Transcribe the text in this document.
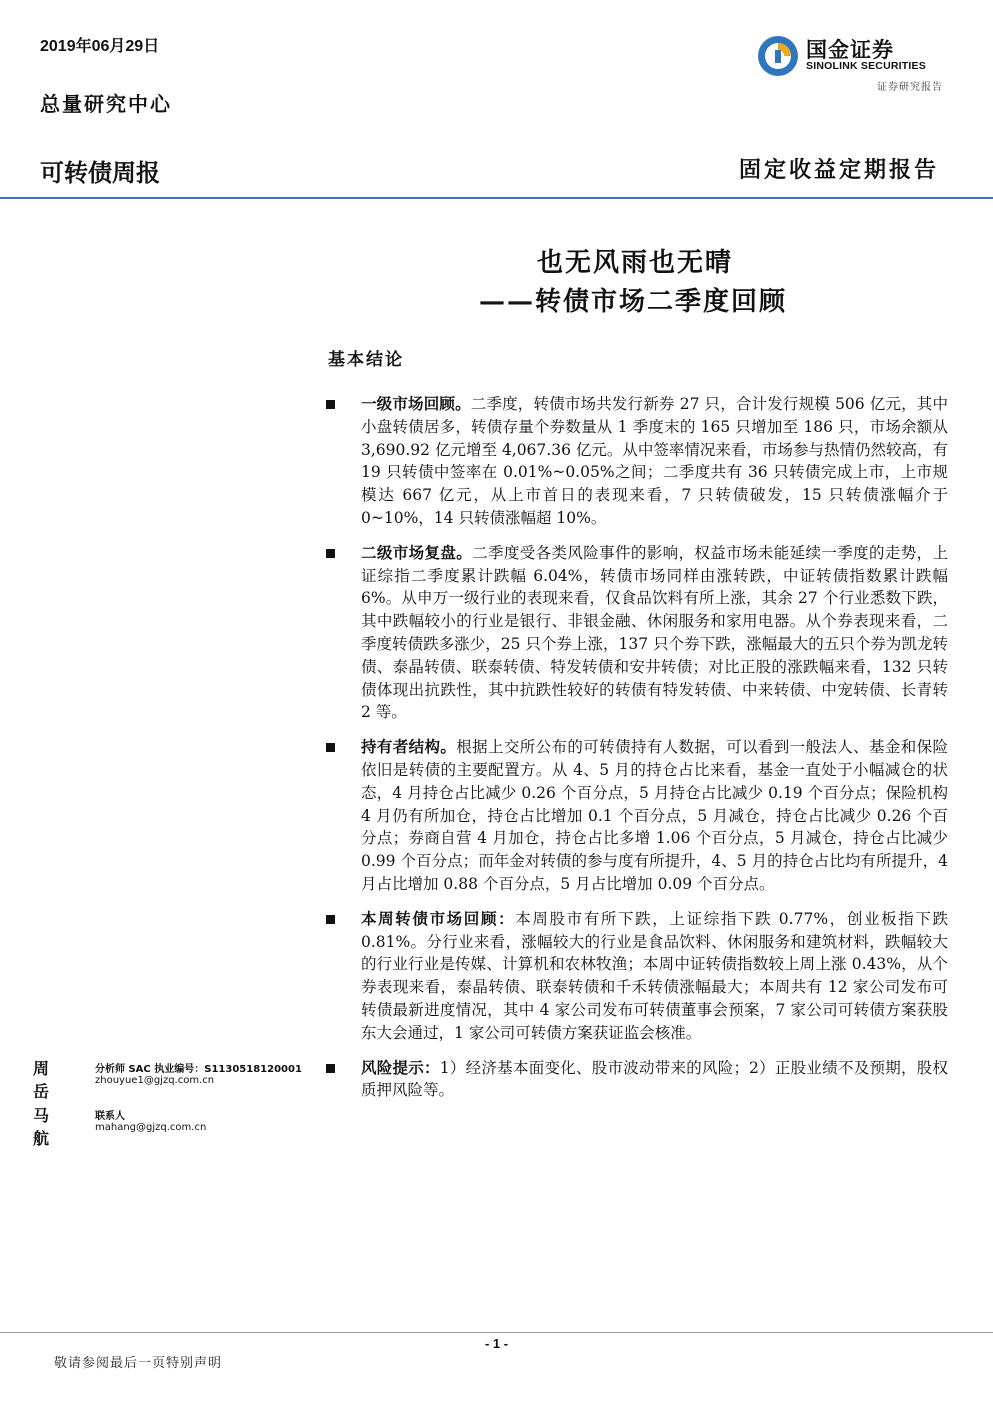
2019年06月29日
总量研究中心
可转债周报	固定收益定期报告
国金证券
SINOLINK SECURITIES
证券研究报告
也无风雨也无晴
——转债市场二季度回顾
基本结论
一级市场回顾。二季度，转债市场共发行新券 27 只，合计发行规模 506 亿元，其中小盘转债居多，转债存量个券数量从 1 季度末的 165 只增加至 186 只，市场余额从 3,690.92 亿元增至 4,067.36 亿元。从中签率情况来看，市场参与热情仍然较高，有 19 只转债中签率在 0.01%~0.05%之间；二季度共有 36 只转债完成上市，上市规模达 667 亿元，从上市首日的表现来看，7 只转债破发，15 只转债涨幅介于 0~10%，14 只转债涨幅超 10%。
二级市场复盘。二季度受各类风险事件的影响，权益市场未能延续一季度的走势，上证综指二季度累计跌幅 6.04%，转债市场同样由涨转跌，中证转债指数累计跌幅 6%。从申万一级行业的表现来看，仅食品饮料有所上涨，其余 27 个行业悉数下跌，其中跌幅较小的行业是银行、非银金融、休闲服务和家用电器。从个券表现来看，二季度转债跌多涨少，25 只个券上涨，137 只个券下跌，涨幅最大的五只个券为凯龙转债、泰晶转债、联泰转债、特发转债和安井转债；对比正股的涨跌幅来看，132 只转债体现出抗跌性，其中抗跌性较好的转债有特发转债、中来转债、中宠转债、长青转 2 等。
持有者结构。根据上交所公布的可转债持有人数据，可以看到一般法人、基金和保险依旧是转债的主要配置方。从 4、5 月的持仓占比来看，基金一直处于小幅减仓的状态，4 月持仓占比减少 0.26 个百分点，5 月持仓占比减少 0.19 个百分点；保险机构 4 月仍有所加仓，持仓占比增加 0.1 个百分点，5 月减仓，持仓占比减少 0.26 个百分点；券商自营 4 月加仓，持仓占比多增 1.06 个百分点，5 月减仓，持仓占比减少 0.99 个百分点；而年金对转债的参与度有所提升，4、5 月的持仓占比均有所提升，4 月占比增加 0.88 个百分点，5 月占比增加 0.09 个百分点。
本周转债市场回顾：本周股市有所下跌，上证综指下跌 0.77%，创业板指下跌 0.81%。分行业来看，涨幅较大的行业是食品饮料、休闲服务和建筑材料，跌幅较大的行业行业是传媒、计算机和农林牧渔；本周中证转债指数较上周上涨 0.43%，从个券表现来看，泰晶转债、联泰转债和千禾转债涨幅最大；本周共有 12 家公司发布可转债最新进度情况，其中 4 家公司发布可转债董事会预案，7 家公司可转债方案获股东大会通过，1 家公司可转债方案获证监会核准。
风险提示：1）经济基本面变化、股市波动带来的风险；2）正股业绩不及预期，股权质押风险等。
周岳
分析师 SAC 执业编号：S1130518120001
zhouyue1@gjzq.com.cn
马航
联系人
mahang@gjzq.com.cn
- 1 -
敬请参阅最后一页特别声明
